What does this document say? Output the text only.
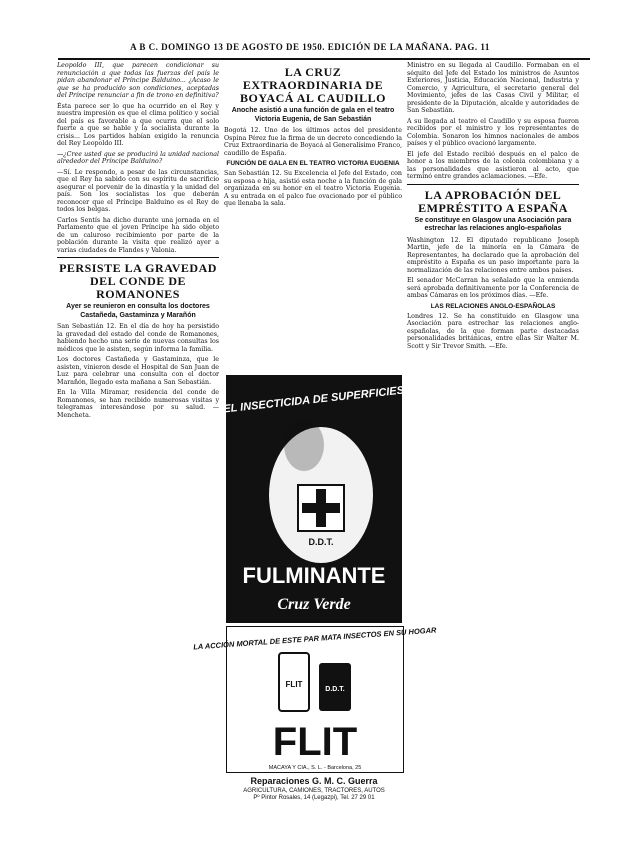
A B C. DOMINGO 13 DE AGOSTO DE 1950. EDICIÓN DE LA MAÑANA. PAG. 11

Leopoldo III, que parecen condicionar su renunciación a que todas las fuerzas del país le pidan abandonar el Príncipe Balduino... ¿Acaso le que se ha producido son condiciones, aceptadas del Príncipe renunciar a fin de trono en definitiva?

Ésta parece ser lo que ha ocurrido en el Rey y nuestra impresión es que el clima político y social del país es favorable a que ocurra que el solo fuerte a que se hable y la socialista durante la crisis... Los partidos habían exigido la renuncia del Rey Leopoldo III.

—¿Cree usted que se producirá la unidad nacional alrededor del Príncipe Balduino?

—Sí. Le respondo, a pesar de las circunstancias, que el Rey ha sabido con su espíritu de sacrificio asegurar el porvenir de la dinastía y la unidad del país. Son los socialistas los que deberán reconocer que el Príncipe Balduino es el Rey de todos los belgas.

Carlos Sentís ha dicho durante una jornada en el Parlamento que el joven Príncipe ha sido objeto de un caluroso recibimiento por parte de la población durante la visita que realizó ayer a varias ciudades de Flandes y Valonia.

PERSISTE LA GRAVEDAD DEL CONDE DE ROMANONES
Ayer se reunieron en consulta los doctores Castañeda, Gastaminza y Marañón

San Sebastián 12. En el día de hoy ha persistido la gravedad del estado del conde de Romanones, habiendo hecho una serie de nuevas consultas los médicos que le asisten, según informa la familia.

Los doctores Castañeda y Gastaminza, que le asisten, vinieron desde el Hospital de San Juan de Luz para celebrar una consulta con el doctor Marañón, llegado esta mañana a San Sebastián.

En la Villa Miramar, residencia del conde de Romanones, se han recibido numerosas visitas y telegramas interesándose por su salud. —Mencheta.

LA CRUZ EXTRAORDINARIA DE BOYACÁ AL CAUDILLO
Anoche asistió a una función de gala en el teatro Victoria Eugenia, de San Sebastián

Bogotá 12. Uno de los últimos actos del presidente Ospina Pérez fue la firma de un decreto concediendo la Cruz Extraordinaria de Boyacá al Generalísimo Franco, caudillo de España.

FUNCIÓN DE GALA EN EL TEATRO VICTORIA EUGENIA

San Sebastián 12. Su Excelencia el Jefe del Estado, con su esposa e hija, asistió esta noche a la función de gala organizada en su honor en el teatro Victoria Eugenia. A su entrada en el palco fue ovacionado por el público que llenaba la sala.

EL INSECTICIDA DE SUPERFICIES
D.D.T.
FULMINANTE
Cruz Verde
LA ACCIÓN MORTAL DE ESTE PAR MATA INSECTOS EN SU HOGAR
FLIT
D.D.T.
FLIT
MACAYA Y CIA., S. L. - Barcelona, 25
Reparaciones G. M. C. Guerra
AGRICULTURA, CAMIONES, TRACTORES, AUTOS
Pº Pintor Rosales, 14 (Legazpi), Tel. 27 29 01

Ministro en su llegada al Caudillo. Formaban en el séquito del Jefe del Estado los ministros de Asuntos Exteriores, Justicia, Educación Nacional, Industria y Comercio, y Agricultura, el secretario general del Movimiento, jefes de las Casas Civil y Militar, el presidente de la Diputación, alcalde y autoridades de San Sebastián.

A su llegada al teatro el Caudillo y su esposa fueron recibidos por el ministro y los representantes de Colombia. Sonaron los himnos nacionales de ambos países y el público ovacionó largamente.

El jefe del Estado recibió después en el palco de honor a los miembros de la colonia colombiana y a las personalidades que asistieron al acto, que terminó entre grandes aclamaciones. —Efe.

LA APROBACIÓN DEL EMPRÉSTITO A ESPAÑA
Se constituye en Glasgow una Asociación para estrechar las relaciones anglo-españolas

Washington 12. El diputado republicano Joseph Martin, jefe de la minoría en la Cámara de Representantes, ha declarado que la aprobación del empréstito a España es un paso importante para la normalización de las relaciones entre ambos países.

El senador McCarran ha señalado que la enmienda será aprobada definitivamente por la Conferencia de ambas Cámaras en los próximos días. —Efe.

LAS RELACIONES ANGLO-ESPAÑOLAS

Londres 12. Se ha constituido en Glasgow una Asociación para estrechar las relaciones anglo-españolas, de la que forman parte destacadas personalidades británicas, entre ellas Sir Walter M. Scott y Sir Trevor Smith. —Efe.
